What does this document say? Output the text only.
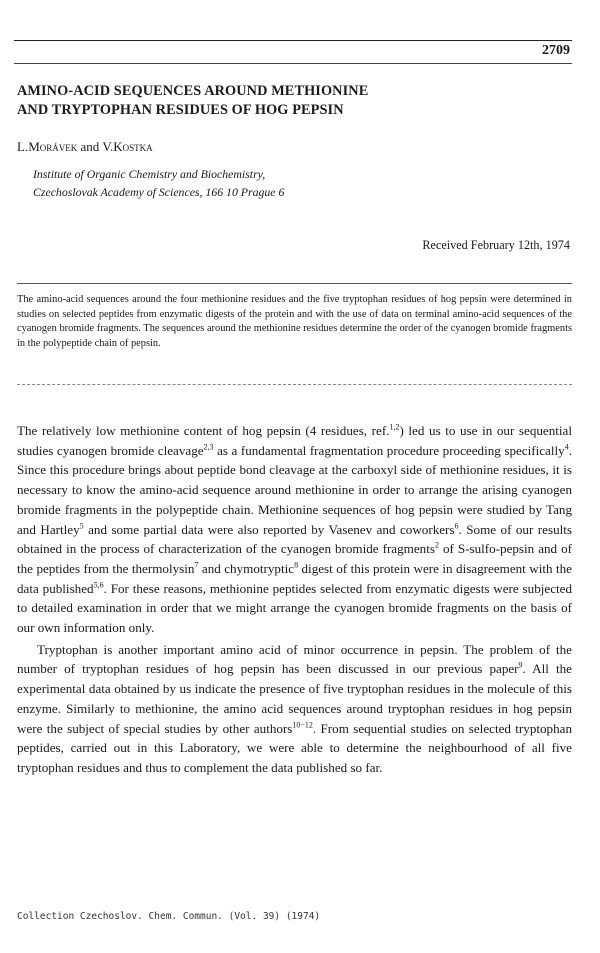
2709
AMINO-ACID SEQUENCES AROUND METHIONINE
AND TRYPTOPHAN RESIDUES OF HOG PEPSIN
L.Morávek and V.Kostka
Institute of Organic Chemistry and Biochemistry,
Czechoslovak Academy of Sciences, 166 10 Prague 6
Received February 12th, 1974
The amino-acid sequences around the four methionine residues and the five tryptophan residues of hog pepsin were determined in studies on selected peptides from enzymatic digests of the protein and with the use of data on terminal amino-acid sequences of the cyanogen bromide fragments. The sequences around the methionine residues determine the order of the cyanogen bromide fragments in the polypeptide chain of pepsin.

The relatively low methionine content of hog pepsin (4 residues, ref.$^{1,2}$) led us to use in our sequential studies cyanogen bromide cleavage$^{2,3}$ as a fundamental fragmentation procedure proceeding specifically$^4$. Since this procedure brings about peptide bond cleavage at the carboxyl side of methionine residues, it is necessary to know the amino-acid sequence around methionine in order to arrange the arising cyanogen bromide fragments in the polypeptide chain. Methionine sequences of hog pepsin were studied by Tang and Hartley$^5$ and some partial data were also reported by Vasenev and coworkers$^6$. Some of our results obtained in the process of characterization of the cyanogen bromide fragments$^2$ of S-sulfo-pepsin and of the peptides from the thermolysin$^7$ and chymotryptic$^8$ digest of this protein were in disagreement with the data published$^{5,6}$. For these reasons, methionine peptides selected from enzymatic digests were subjected to detailed examination in order that we might arrange the cyanogen bromide fragments on the basis of our own information only.

Tryptophan is another important amino acid of minor occurrence in pepsin. The problem of the number of tryptophan residues of hog pepsin has been discussed in our previous paper$^9$. All the experimental data obtained by us indicate the presence of five tryptophan residues in the molecule of this enzyme. Similarly to methionine, the amino acid sequences around tryptophan residues in hog pepsin were the subject of special studies by other authors$^{10-12}$. From sequential studies on selected tryptophan peptides, carried out in this Laboratory, we were able to determine the neighbourhood of all five tryptophan residues and thus to complement the data published so far.

Collection Czechoslov. Chem. Commun. (Vol. 39) (1974)
